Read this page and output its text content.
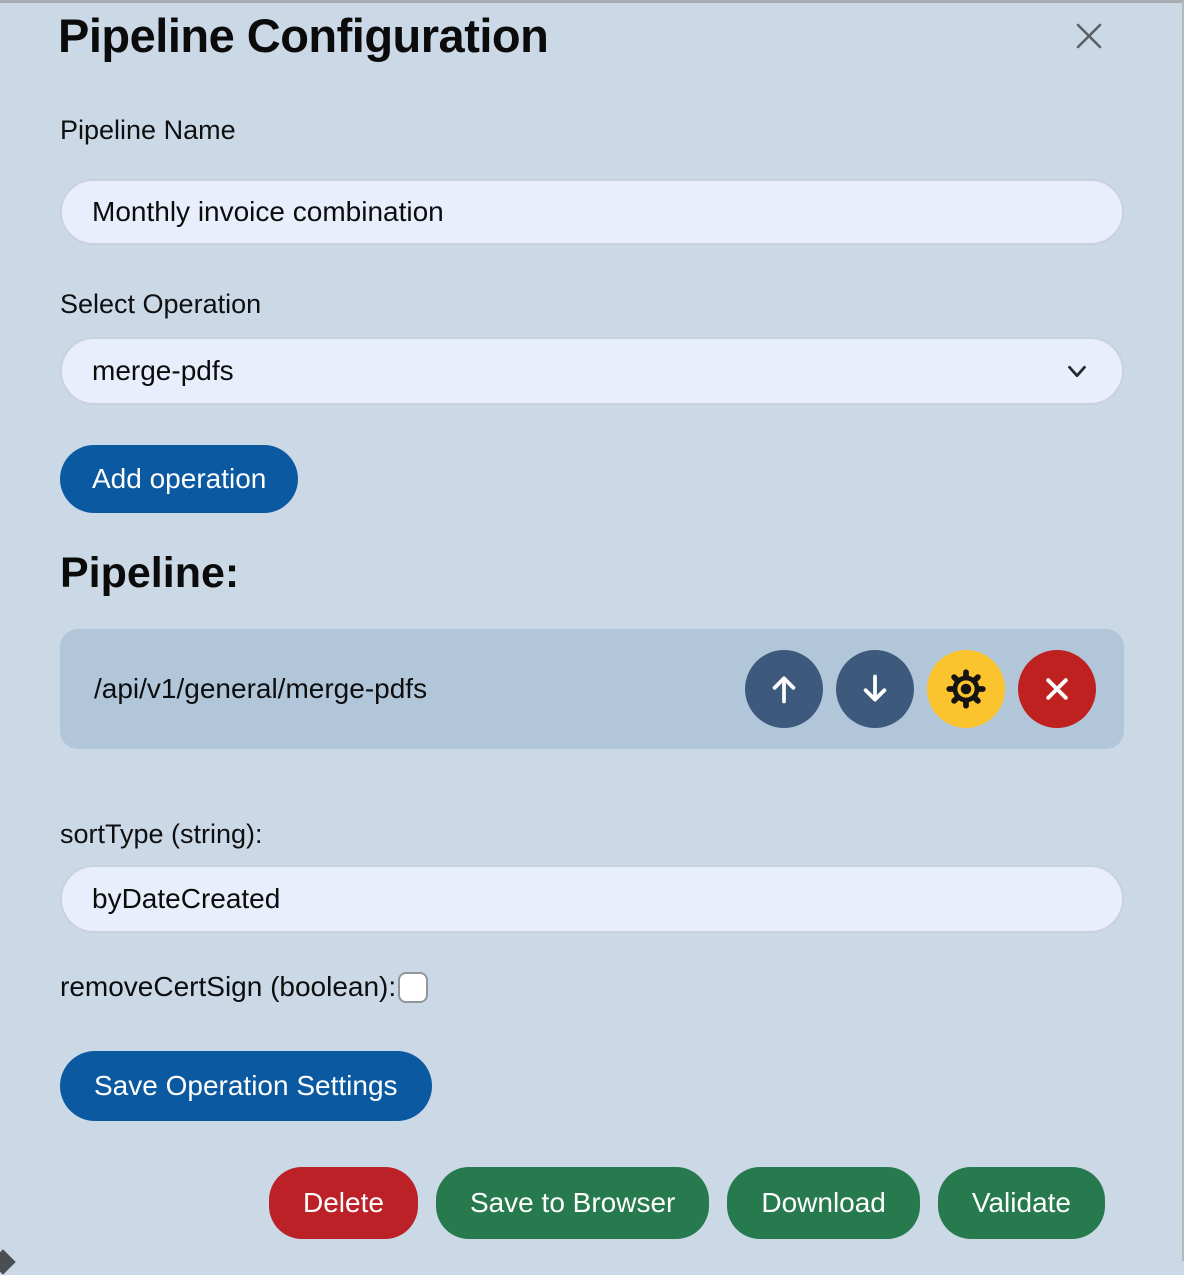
Pipeline Configuration
Pipeline Name
Monthly invoice combination
Select Operation
merge-pdfs
Add operation
Pipeline:
/api/v1/general/merge-pdfs
sortType (string):
byDateCreated
removeCertSign (boolean):
Save Operation Settings
Delete	Save to Browser	Download	Validate
